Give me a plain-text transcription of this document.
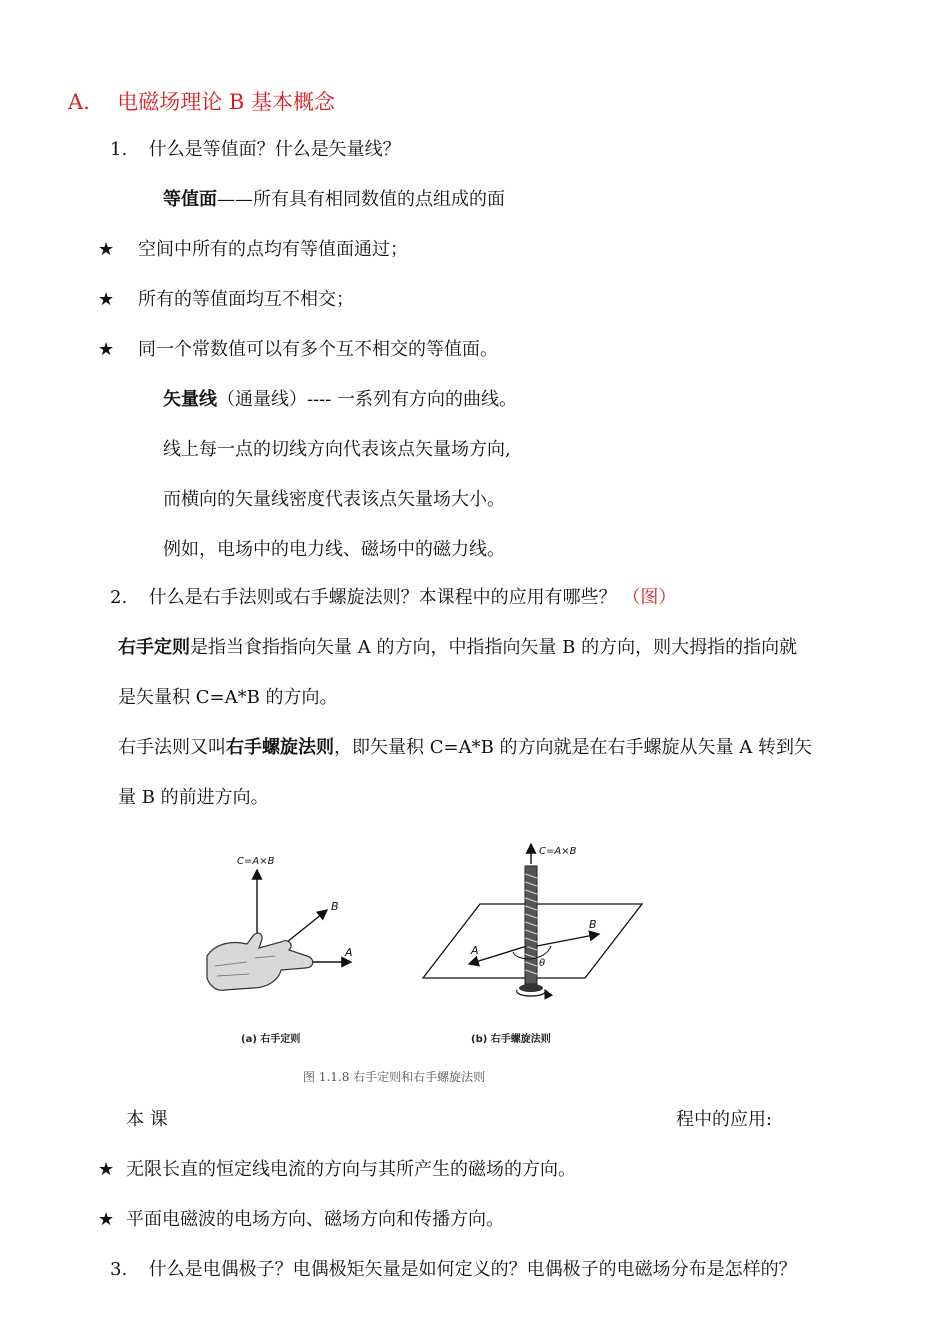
A. 电磁场理论 B 基本概念
1. 什么是等值面？什么是矢量线？
等值面——所有具有相同数值的点组成的面
★ 空间中所有的点均有等值面通过；
★ 所有的等值面均互不相交；
★ 同一个常数值可以有多个互不相交的等值面。
矢量线（通量线）---- 一系列有方向的曲线。
线上每一点的切线方向代表该点矢量场方向,
而横向的矢量线密度代表该点矢量场大小。
例如，电场中的电力线、磁场中的磁力线。
2. 什么是右手法则或右手螺旋法则？本课程中的应用有哪些？ （图）
右手定则是指当食指指向矢量 A 的方向，中指指向矢量 B 的方向，则大拇指的指向就
是矢量积 C=A*B 的方向。
右手法则又叫右手螺旋法则，即矢量积 C=A*B 的方向就是在右手螺旋从矢量 A 转到矢
量 B 的前进方向。
C=A×B
B
A
(a) 右手定则
C=A×B
A
B
θ
(b) 右手螺旋法则
图 1.1.8 右手定则和右手螺旋法则
本 课	程中的应用:
★ 无限长直的恒定线电流的方向与其所产生的磁场的方向。
★ 平面电磁波的电场方向、磁场方向和传播方向。
3. 什么是电偶极子？电偶极矩矢量是如何定义的？电偶极子的电磁场分布是怎样的？
